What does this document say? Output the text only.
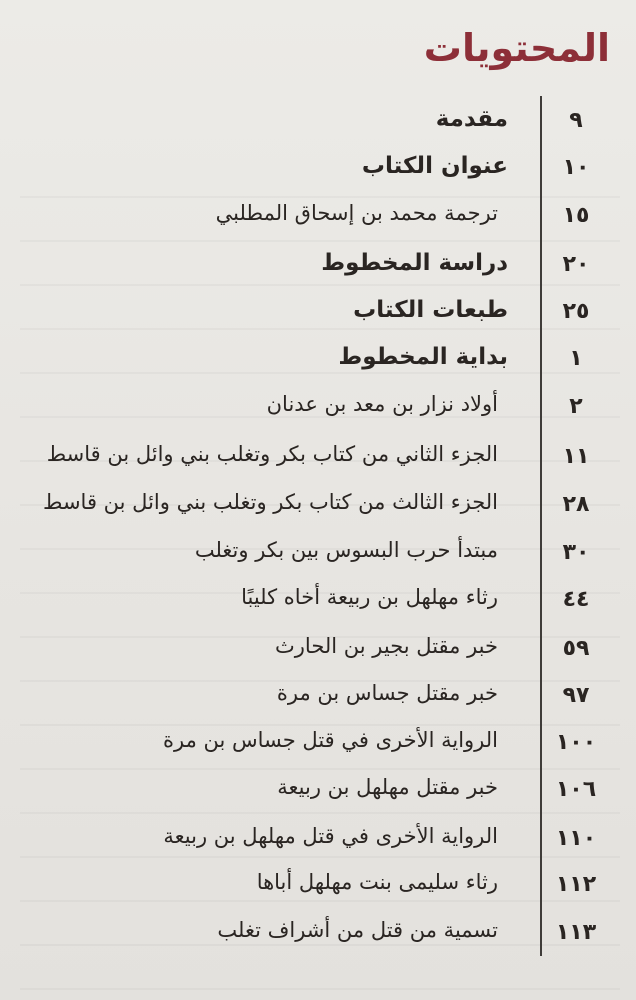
المحتويات
٩
مقدمة
١٠
عنوان الكتاب
١٥
ترجمة محمد بن إسحاق المطلبي
٢٠
دراسة المخطوط
٢٥
طبعات الكتاب
١
بداية المخطوط
٢
أولاد نزار بن معد بن عدنان
١١
الجزء الثاني من كتاب بكر وتغلب بني وائل بن قاسط
٢٨
الجزء الثالث من كتاب بكر وتغلب بني وائل بن قاسط
٣٠
مبتدأ حرب البسوس بين بكر وتغلب
٤٤
رثاء مهلهل بن ربيعة أخاه كليبًا
٥٩
خبر مقتل بجير بن الحارث
٩٧
خبر مقتل جساس بن مرة
١٠٠
الرواية الأخرى في قتل جساس بن مرة
١٠٦
خبر مقتل مهلهل بن ربيعة
١١٠
الرواية الأخرى في قتل مهلهل بن ربيعة
١١٢
رثاء سليمى بنت مهلهل أباها
١١٣
تسمية من قتل من أشراف تغلب
